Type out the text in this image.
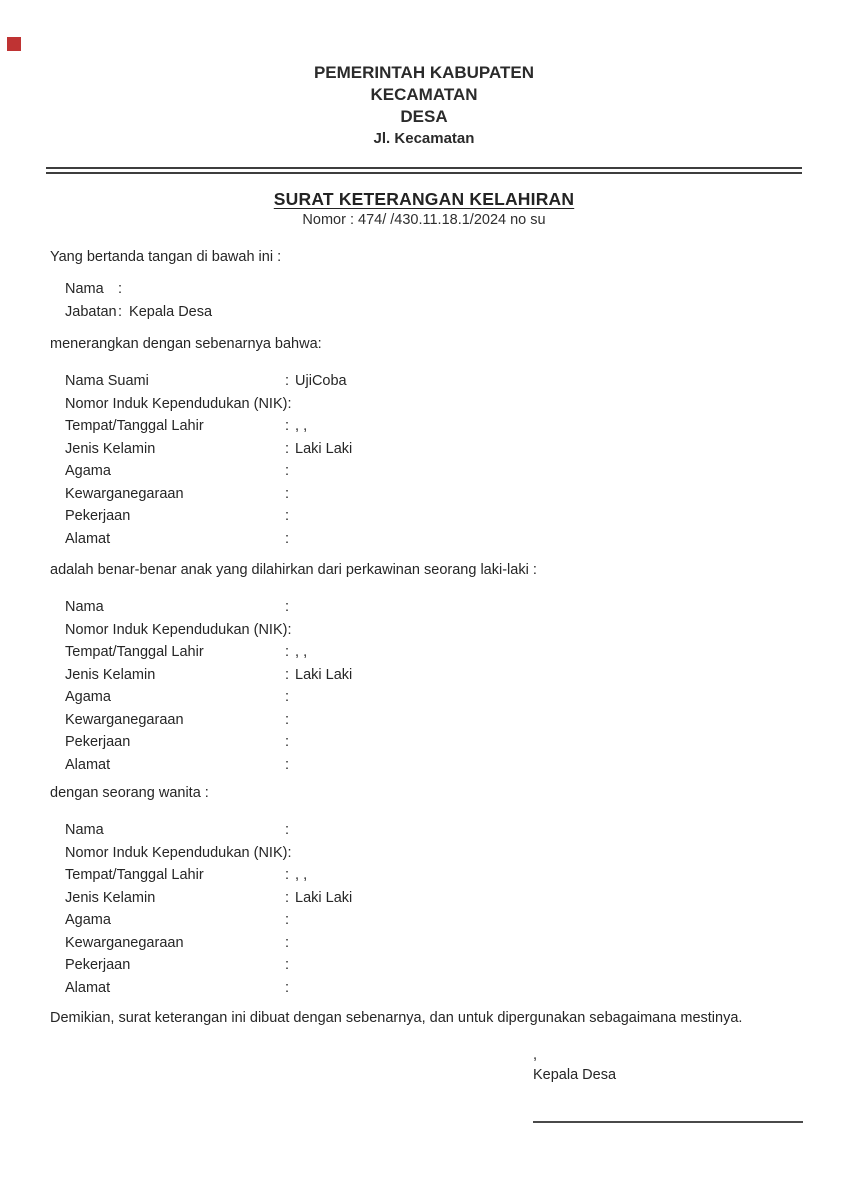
PEMERINTAH KABUPATEN
KECAMATAN
DESA
Jl. Kecamatan
SURAT KETERANGAN KELAHIRAN
Nomor : 474/ /430.11.18.1/2024 no su

Yang bertanda tangan di bawah ini :

Nama :
Jabatan : Kepala Desa

menerangkan dengan sebenarnya bahwa:

Nama Suami	: UjiCoba
Nomor Induk Kependudukan (NIK) :
Tempat/Tanggal Lahir	: , ,
Jenis Kelamin	: Laki Laki
Agama	:
Kewarganegaraan	:
Pekerjaan	:
Alamat	:

adalah benar-benar anak yang dilahirkan dari perkawinan seorang laki-laki :

Nama	:
Nomor Induk Kependudukan (NIK) :
Tempat/Tanggal Lahir	: , ,
Jenis Kelamin	: Laki Laki
Agama	:
Kewarganegaraan	:
Pekerjaan	:
Alamat	:

dengan seorang wanita :

Nama	:
Nomor Induk Kependudukan (NIK) :
Tempat/Tanggal Lahir	: , ,
Jenis Kelamin	: Laki Laki
Agama	:
Kewarganegaraan	:
Pekerjaan	:
Alamat	:

Demikian, surat keterangan ini dibuat dengan sebenarnya, dan untuk dipergunakan sebagaimana mestinya.

,
Kepala Desa
